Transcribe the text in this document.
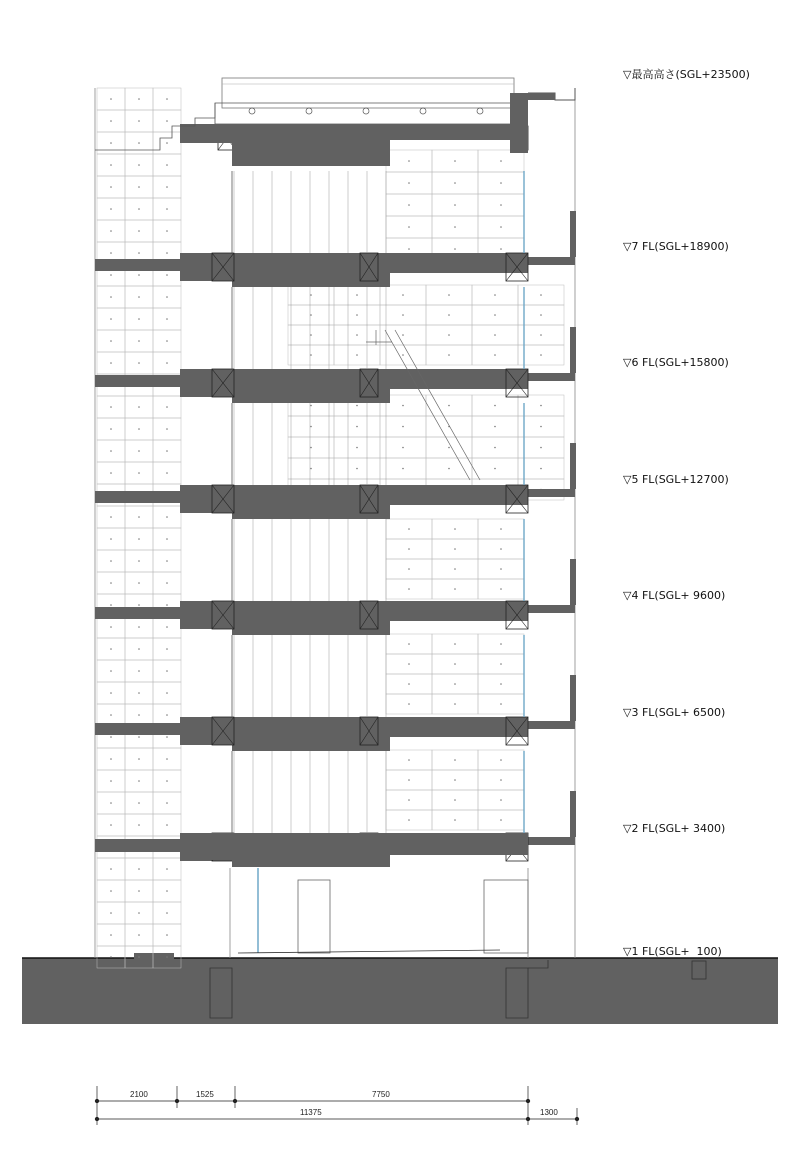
2100	1525	7750
11375	1300
▽最高高さ(SGL+23500)
▽7 FL(SGL+18900)
▽6 FL(SGL+15800)
▽5 FL(SGL+12700)
▽4 FL(SGL+ 9600)
▽3 FL(SGL+ 6500)
▽2 FL(SGL+ 3400)
▽1 FL(SGL+  100)
